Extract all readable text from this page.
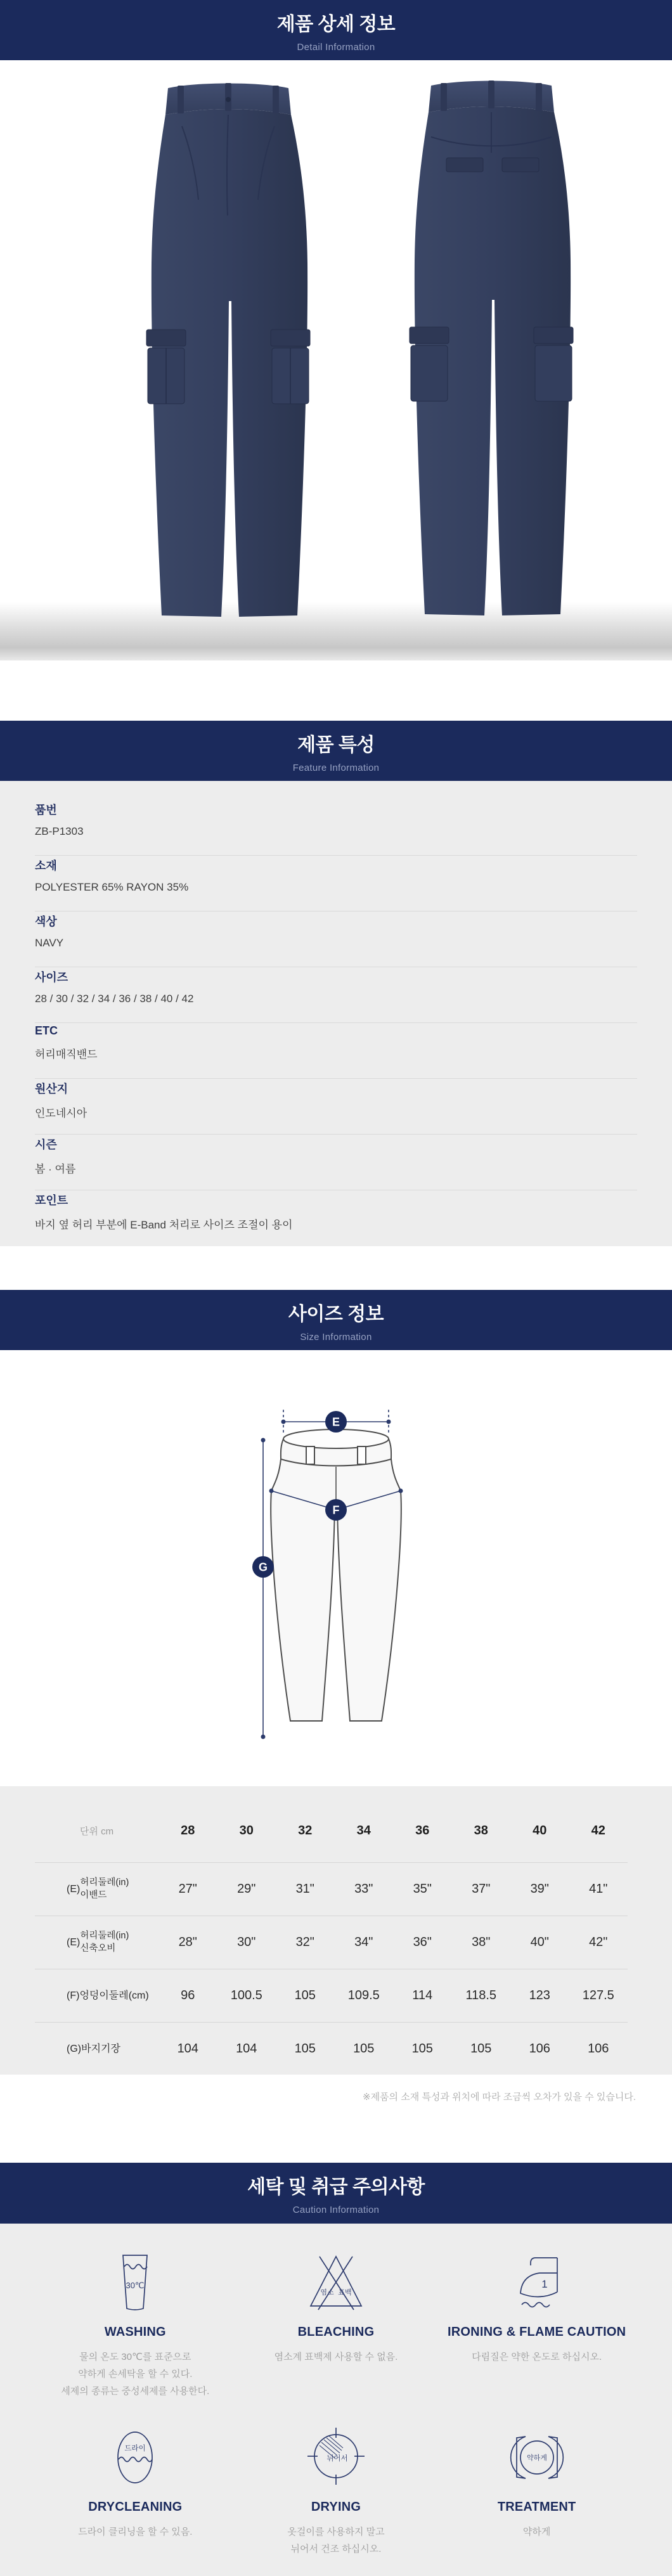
제품 상세 정보
Detail Information
제품 특성
Feature Information
품번
ZB-P1303
소재
POLYESTER 65% RAYON 35%
색상
NAVY
사이즈
28 / 30 / 32 / 34 / 36 / 38 / 40 / 42
ETC
허리매직밴드
원산지
인도네시아
시즌
봄 · 여름
포인트
바지 옆 허리 부분에 E-Band 처리로 사이즈 조절이 용이
사이즈 정보
Size Information
E
F
G
단위 cm	28	30	32	34	36	38	40	42
(E)
허리둘레(in)
이밴드	27"	29"	31"	33"	35"	37"	39"	41"
(E)
허리둘레(in)
신축오비	28"	30"	32"	34"	36"	38"	40"	42"
(F) 엉덩이둘레(cm)	96	100.5	105	109.5	114	118.5	123	127.5
(G) 바지기장	104	104	105	105	105	105	106	106
※제품의 소재 특성과 위치에 따라 조금씩 오차가 있을 수 있습니다.
세탁 및 취급 주의사항
Caution Information
30℃
WASHING
물의 온도 30℃를 표준으로
약하게 손세탁을 할 수 있다.
세제의 종류는 중성세제를 사용한다.
염소 표백
BLEACHING
염소계 표백제 사용할 수 없음.
1
IRONING & FLAME CAUTION
다림질은 약한 온도로 하십시오.
드라이
DRYCLEANING
드라이 클리닝을 할 수 있음.
뉘어서
DRYING
옷걸이를 사용하지 말고
뉘어서 건조 하십시오.
약하게
TREATMENT
약하게
